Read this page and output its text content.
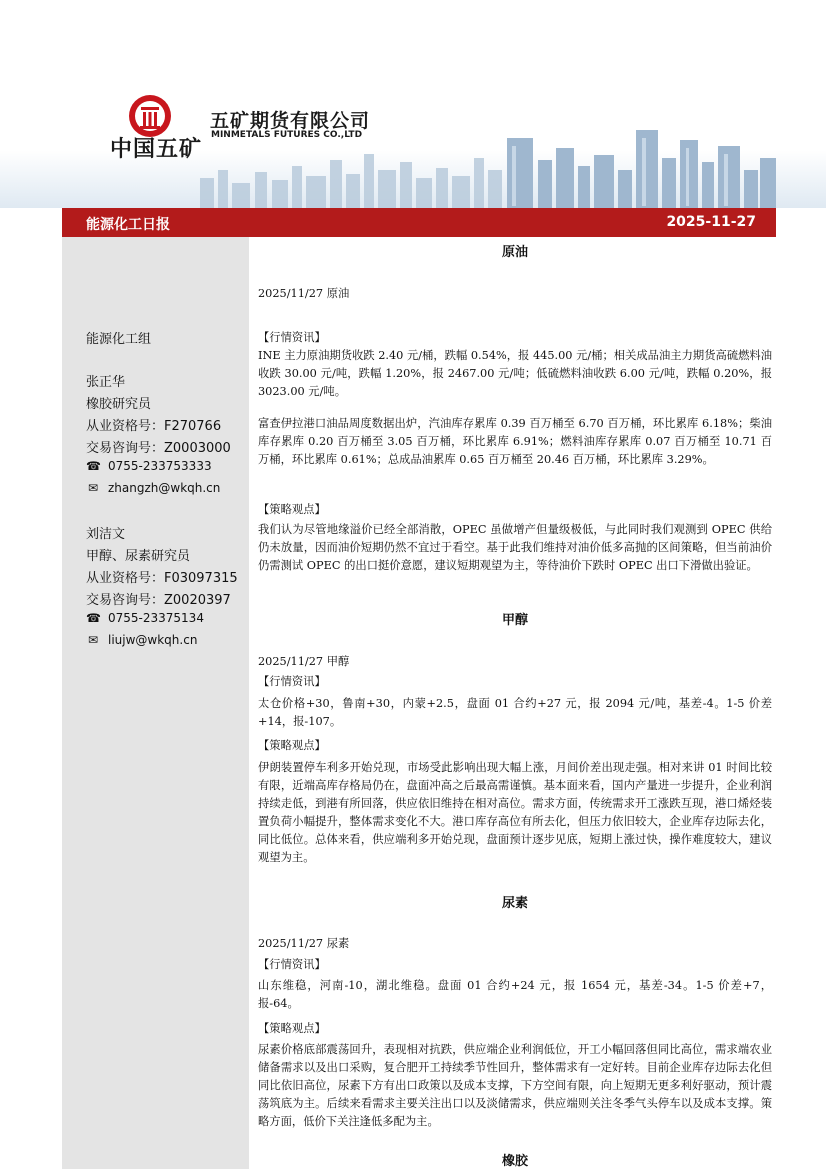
中国五矿
五矿期货有限公司
MINMETALS FUTURES CO.,LTD
能源化工日报	2025-11-27
能源化工组
张正华
橡胶研究员
从业资格号：F270766
交易咨询号：Z0003000
☎ 0755-233753333
✉ zhangzh@wkqh.cn
刘洁文
甲醇、尿素研究员
从业资格号：F03097315
交易咨询号：Z0020397
☎ 0755-23375134
✉ liujw@wkqh.cn
原油
2025/11/27 原油
【行情资讯】
INE 主力原油期货收跌 2.40 元/桶，跌幅 0.54%，报 445.00 元/桶；相关成品油主力期货高硫燃料油收跌 30.00 元/吨，跌幅 1.20%，报 2467.00 元/吨；低硫燃料油收跌 6.00 元/吨，跌幅 0.20%，报 3023.00 元/吨。
富查伊拉港口油品周度数据出炉，汽油库存累库 0.39 百万桶至 6.70 百万桶，环比累库 6.18%；柴油库存累库 0.20 百万桶至 3.05 百万桶，环比累库 6.91%；燃料油库存累库 0.07 百万桶至 10.71 百万桶，环比累库 0.61%；总成品油累库 0.65 百万桶至 20.46 百万桶，环比累库 3.29%。
【策略观点】
我们认为尽管地缘溢价已经全部消散，OPEC 虽做增产但量级极低，与此同时我们观测到 OPEC 供给仍未放量，因而油价短期仍然不宜过于看空。基于此我们维持对油价低多高抛的区间策略，但当前油价仍需测试 OPEC 的出口挺价意愿，建议短期观望为主，等待油价下跌时 OPEC 出口下滑做出验证。
甲醇
2025/11/27 甲醇
【行情资讯】
太仓价格+30，鲁南+30，内蒙+2.5，盘面 01 合约+27 元，报 2094 元/吨，基差-4。1-5 价差+14，报-107。
【策略观点】
伊朗装置停车利多开始兑现，市场受此影响出现大幅上涨，月间价差出现走强。相对来讲 01 时间比较有限，近端高库存格局仍在，盘面冲高之后最高需谨慎。基本面来看，国内产量进一步提升，企业利润持续走低，到港有所回落，供应依旧维持在相对高位。需求方面，传统需求开工涨跌互现，港口烯烃装置负荷小幅提升，整体需求变化不大。港口库存高位有所去化，但压力依旧较大，企业库存边际去化，同比低位。总体来看，供应端利多开始兑现，盘面预计逐步见底，短期上涨过快，操作难度较大，建议观望为主。
尿素
2025/11/27 尿素
【行情资讯】
山东维稳，河南-10，湖北维稳。盘面 01 合约+24 元，报 1654 元，基差-34。1-5 价差+7，报-64。
【策略观点】
尿素价格底部震荡回升，表现相对抗跌，供应端企业利润低位，开工小幅回落但同比高位，需求端农业储备需求以及出口采购，复合肥开工持续季节性回升，整体需求有一定好转。目前企业库存边际去化但同比依旧高位，尿素下方有出口政策以及成本支撑，下方空间有限，向上短期无更多利好驱动，预计震荡筑底为主。后续来看需求主要关注出口以及淡储需求，供应端则关注冬季气头停车以及成本支撑。策略方面，低价下关注逢低多配为主。
橡胶
